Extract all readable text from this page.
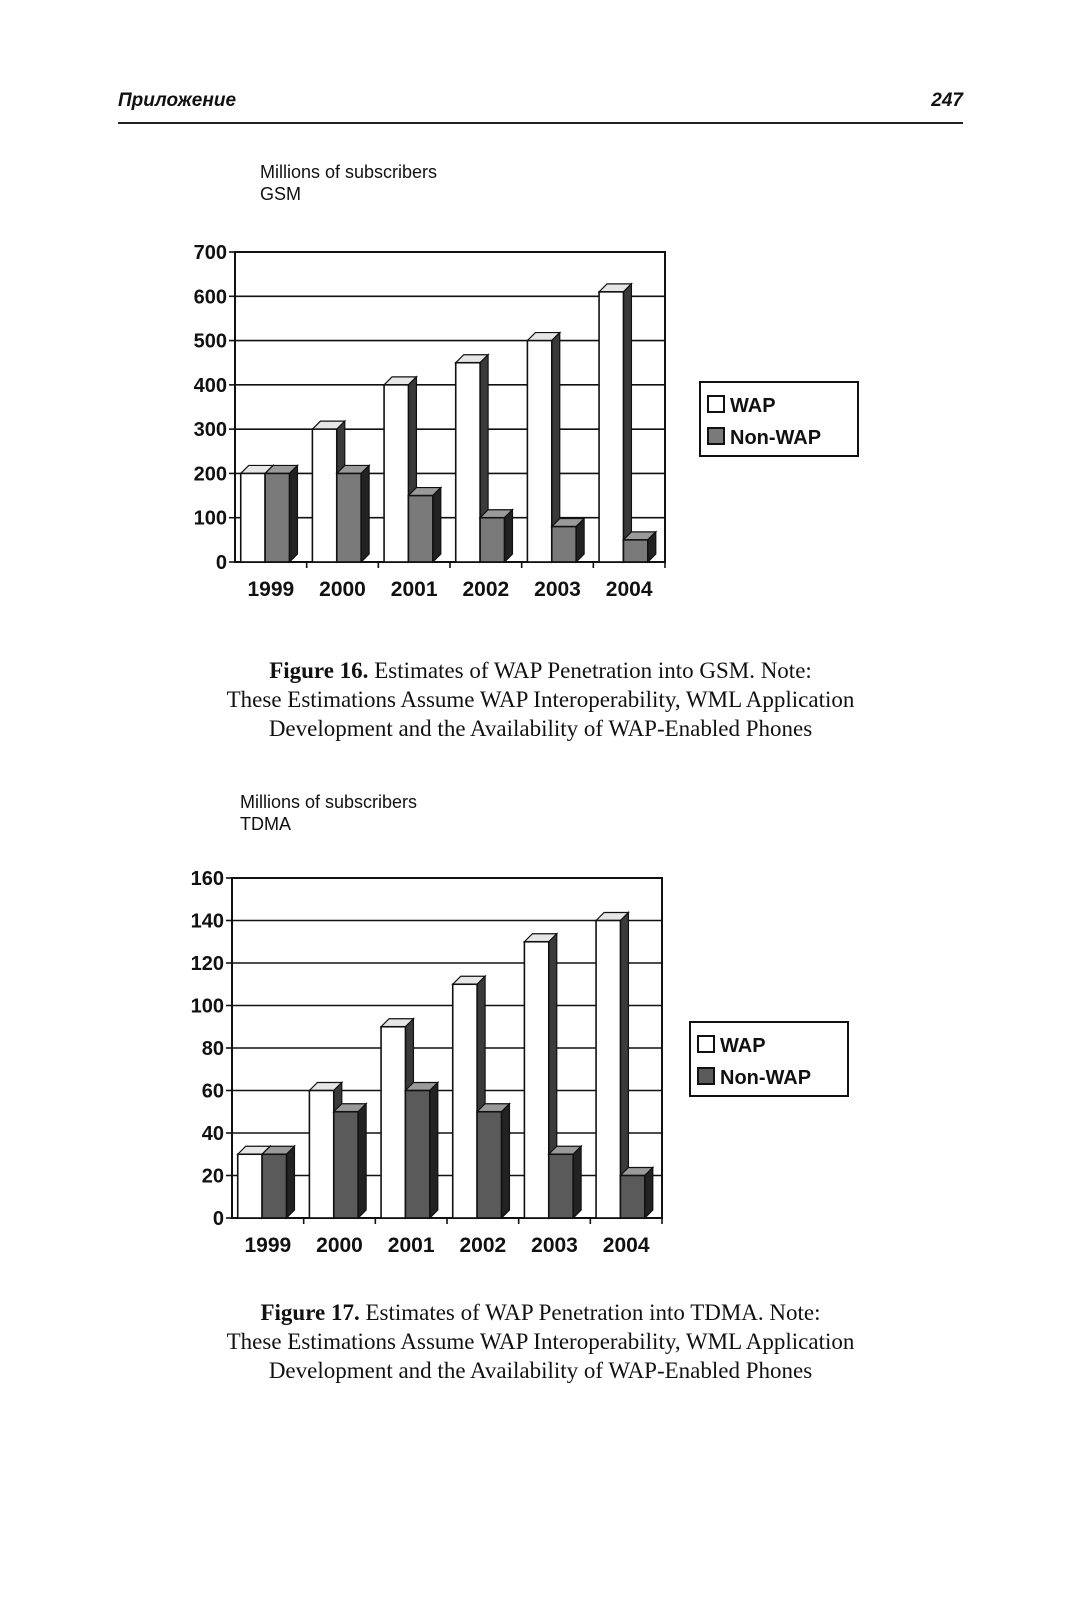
Приложение	247
Millions of subscribers
GSM
0
100
200
300
400
500
600
700
1999 2000 2001 2002 2003 2004
WAP
Non-WAP
Figure 16. Estimates of WAP Penetration into GSM. Note:
These Estimations Assume WAP Interoperability, WML Application
Development and the Availability of WAP-Enabled Phones
Millions of subscribers
TDMA
0
20
40
60
80
100
120
140
160
1999 2000 2001 2002 2003 2004
WAP
Non-WAP
Figure 17. Estimates of WAP Penetration into TDMA. Note:
These Estimations Assume WAP Interoperability, WML Application
Development and the Availability of WAP-Enabled Phones
